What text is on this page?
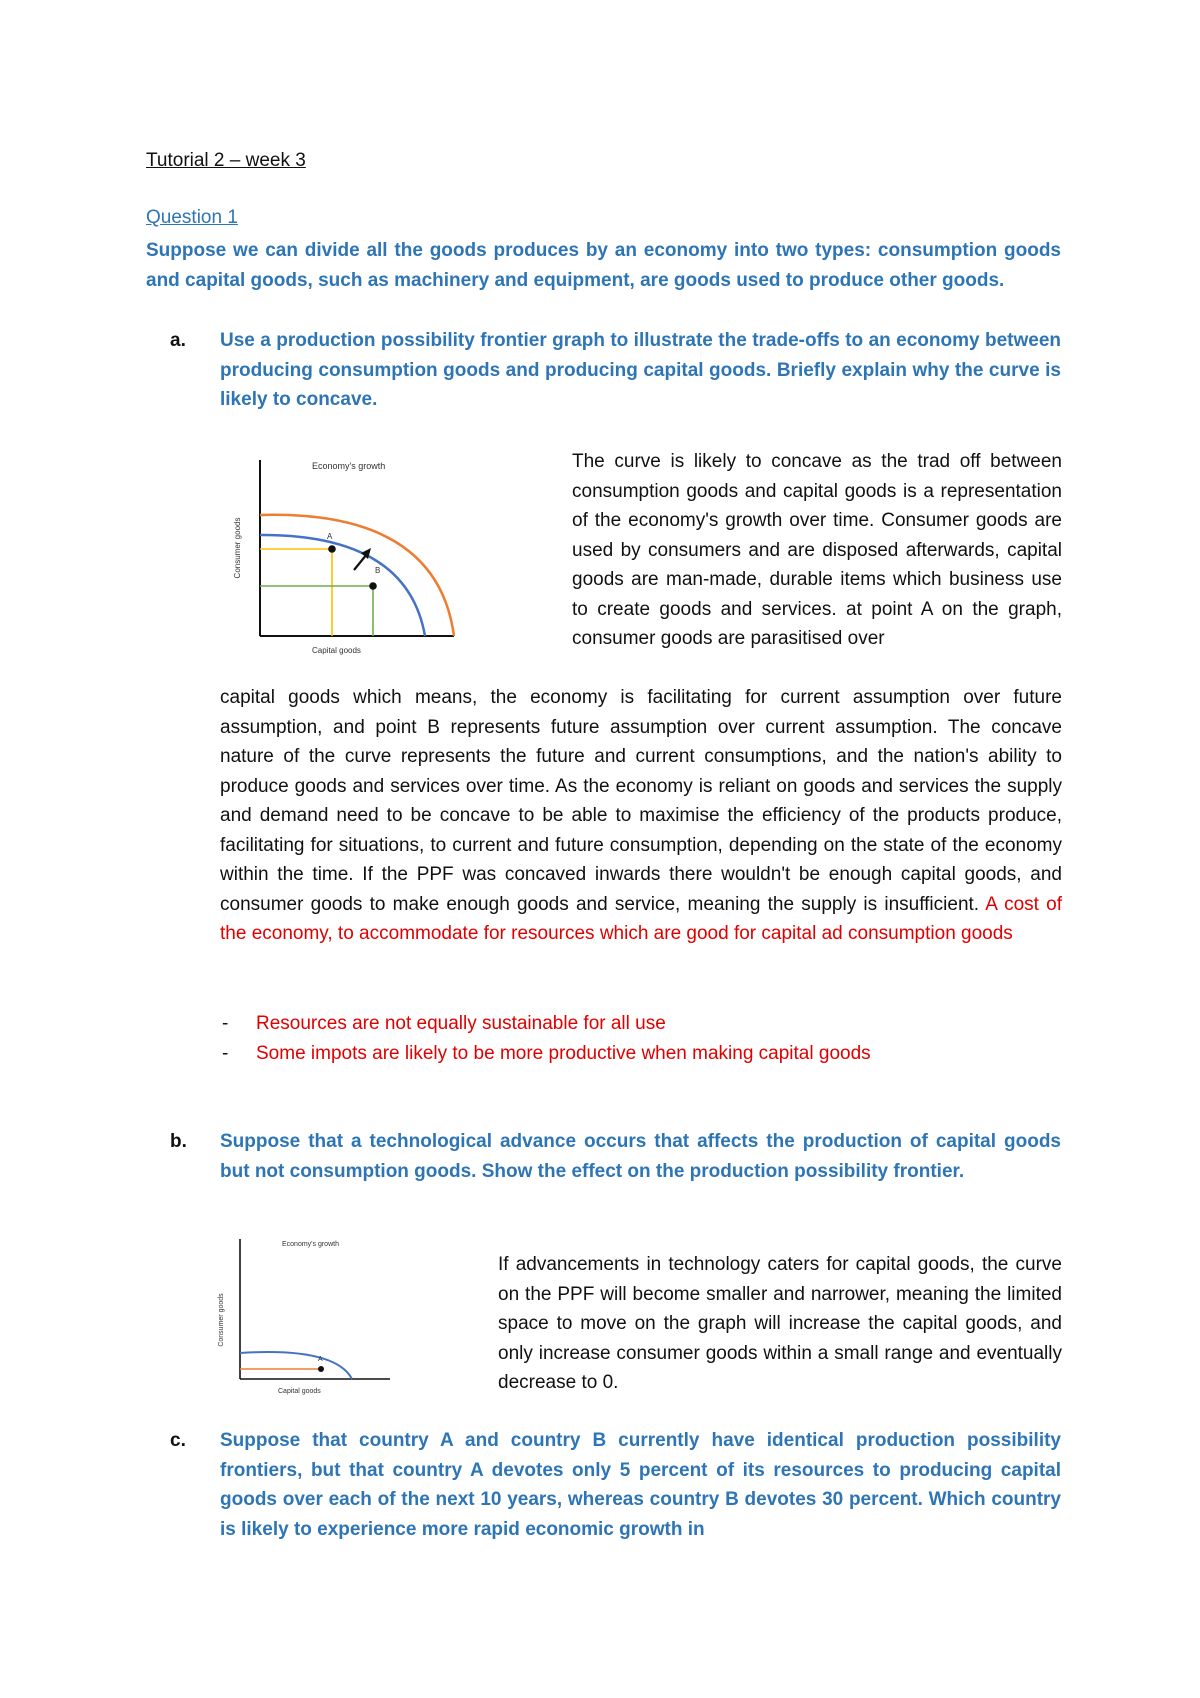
Tutorial 2 – week 3
Question 1
Suppose we can divide all the goods produces by an economy into two types: consumption goods and capital goods, such as machinery and equipment, are goods used to produce other goods.
a. Use a production possibility frontier graph to illustrate the trade-offs to an economy between producing consumption goods and producing capital goods. Briefly explain why the curve is likely to concave.
Economy's growth
A
B
Consumer goods
Capital goods
The curve is likely to concave as the trad off between consumption goods and capital goods is a representation of the economy's growth over time. Consumer goods are used by consumers and are disposed afterwards, capital goods are man-made, durable items which business use to create goods and services. at point A on the graph, consumer goods are parasitised over
capital goods which means, the economy is facilitating for current assumption over future assumption, and point B represents future assumption over current assumption. The concave nature of the curve represents the future and current consumptions, and the nation's ability to produce goods and services over time. As the economy is reliant on goods and services the supply and demand need to be concave to be able to maximise the efficiency of the products produce, facilitating for situations, to current and future consumption, depending on the state of the economy within the time. If the PPF was concaved inwards there wouldn't be enough capital goods, and consumer goods to make enough goods and service, meaning the supply is insufficient. A cost of the economy, to accommodate for resources which are good for capital ad consumption goods
- Resources are not equally sustainable for all use
- Some impots are likely to be more productive when making capital goods
b. Suppose that a technological advance occurs that affects the production of capital goods but not consumption goods. Show the effect on the production possibility frontier.
Economy's growth
A
Consumer goods
Capital goods
If advancements in technology caters for capital goods, the curve on the PPF will become smaller and narrower, meaning the limited space to move on the graph will increase the capital goods, and only increase consumer goods within a small range and eventually decrease to 0.
c. Suppose that country A and country B currently have identical production possibility frontiers, but that country A devotes only 5 percent of its resources to producing capital goods over each of the next 10 years, whereas country B devotes 30 percent. Which country is likely to experience more rapid economic growth in
